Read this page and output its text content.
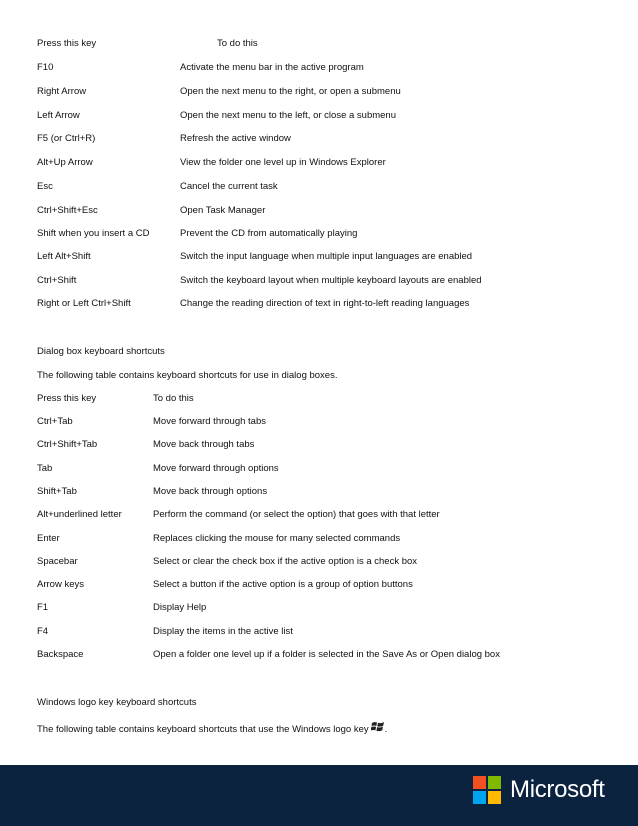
Press this key	To do this
F10	Activate the menu bar in the active program
Right Arrow	Open the next menu to the right, or open a submenu
Left Arrow	Open the next menu to the left, or close a submenu
F5 (or Ctrl+R)	Refresh the active window
Alt+Up Arrow	View the folder one level up in Windows Explorer
Esc	Cancel the current task
Ctrl+Shift+Esc	Open Task Manager
Shift when you insert a CD	Prevent the CD from automatically playing
Left Alt+Shift	Switch the input language when multiple input languages are enabled
Ctrl+Shift	Switch the keyboard layout when multiple keyboard layouts are enabled
Right or Left Ctrl+Shift	Change the reading direction of text in right-to-left reading languages
Dialog box keyboard shortcuts
The following table contains keyboard shortcuts for use in dialog boxes.
Press this key	To do this
Ctrl+Tab	Move forward through tabs
Ctrl+Shift+Tab	Move back through tabs
Tab	Move forward through options
Shift+Tab	Move back through options
Alt+underlined letter	Perform the command (or select the option) that goes with that letter
Enter	Replaces clicking the mouse for many selected commands
Spacebar	Select or clear the check box if the active option is a check box
Arrow keys	Select a button if the active option is a group of option buttons
F1	Display Help
F4	Display the items in the active list
Backspace	Open a folder one level up if a folder is selected in the Save As or Open dialog box
Windows logo key keyboard shortcuts
The following table contains keyboard shortcuts that use the Windows logo key .
Microsoft
